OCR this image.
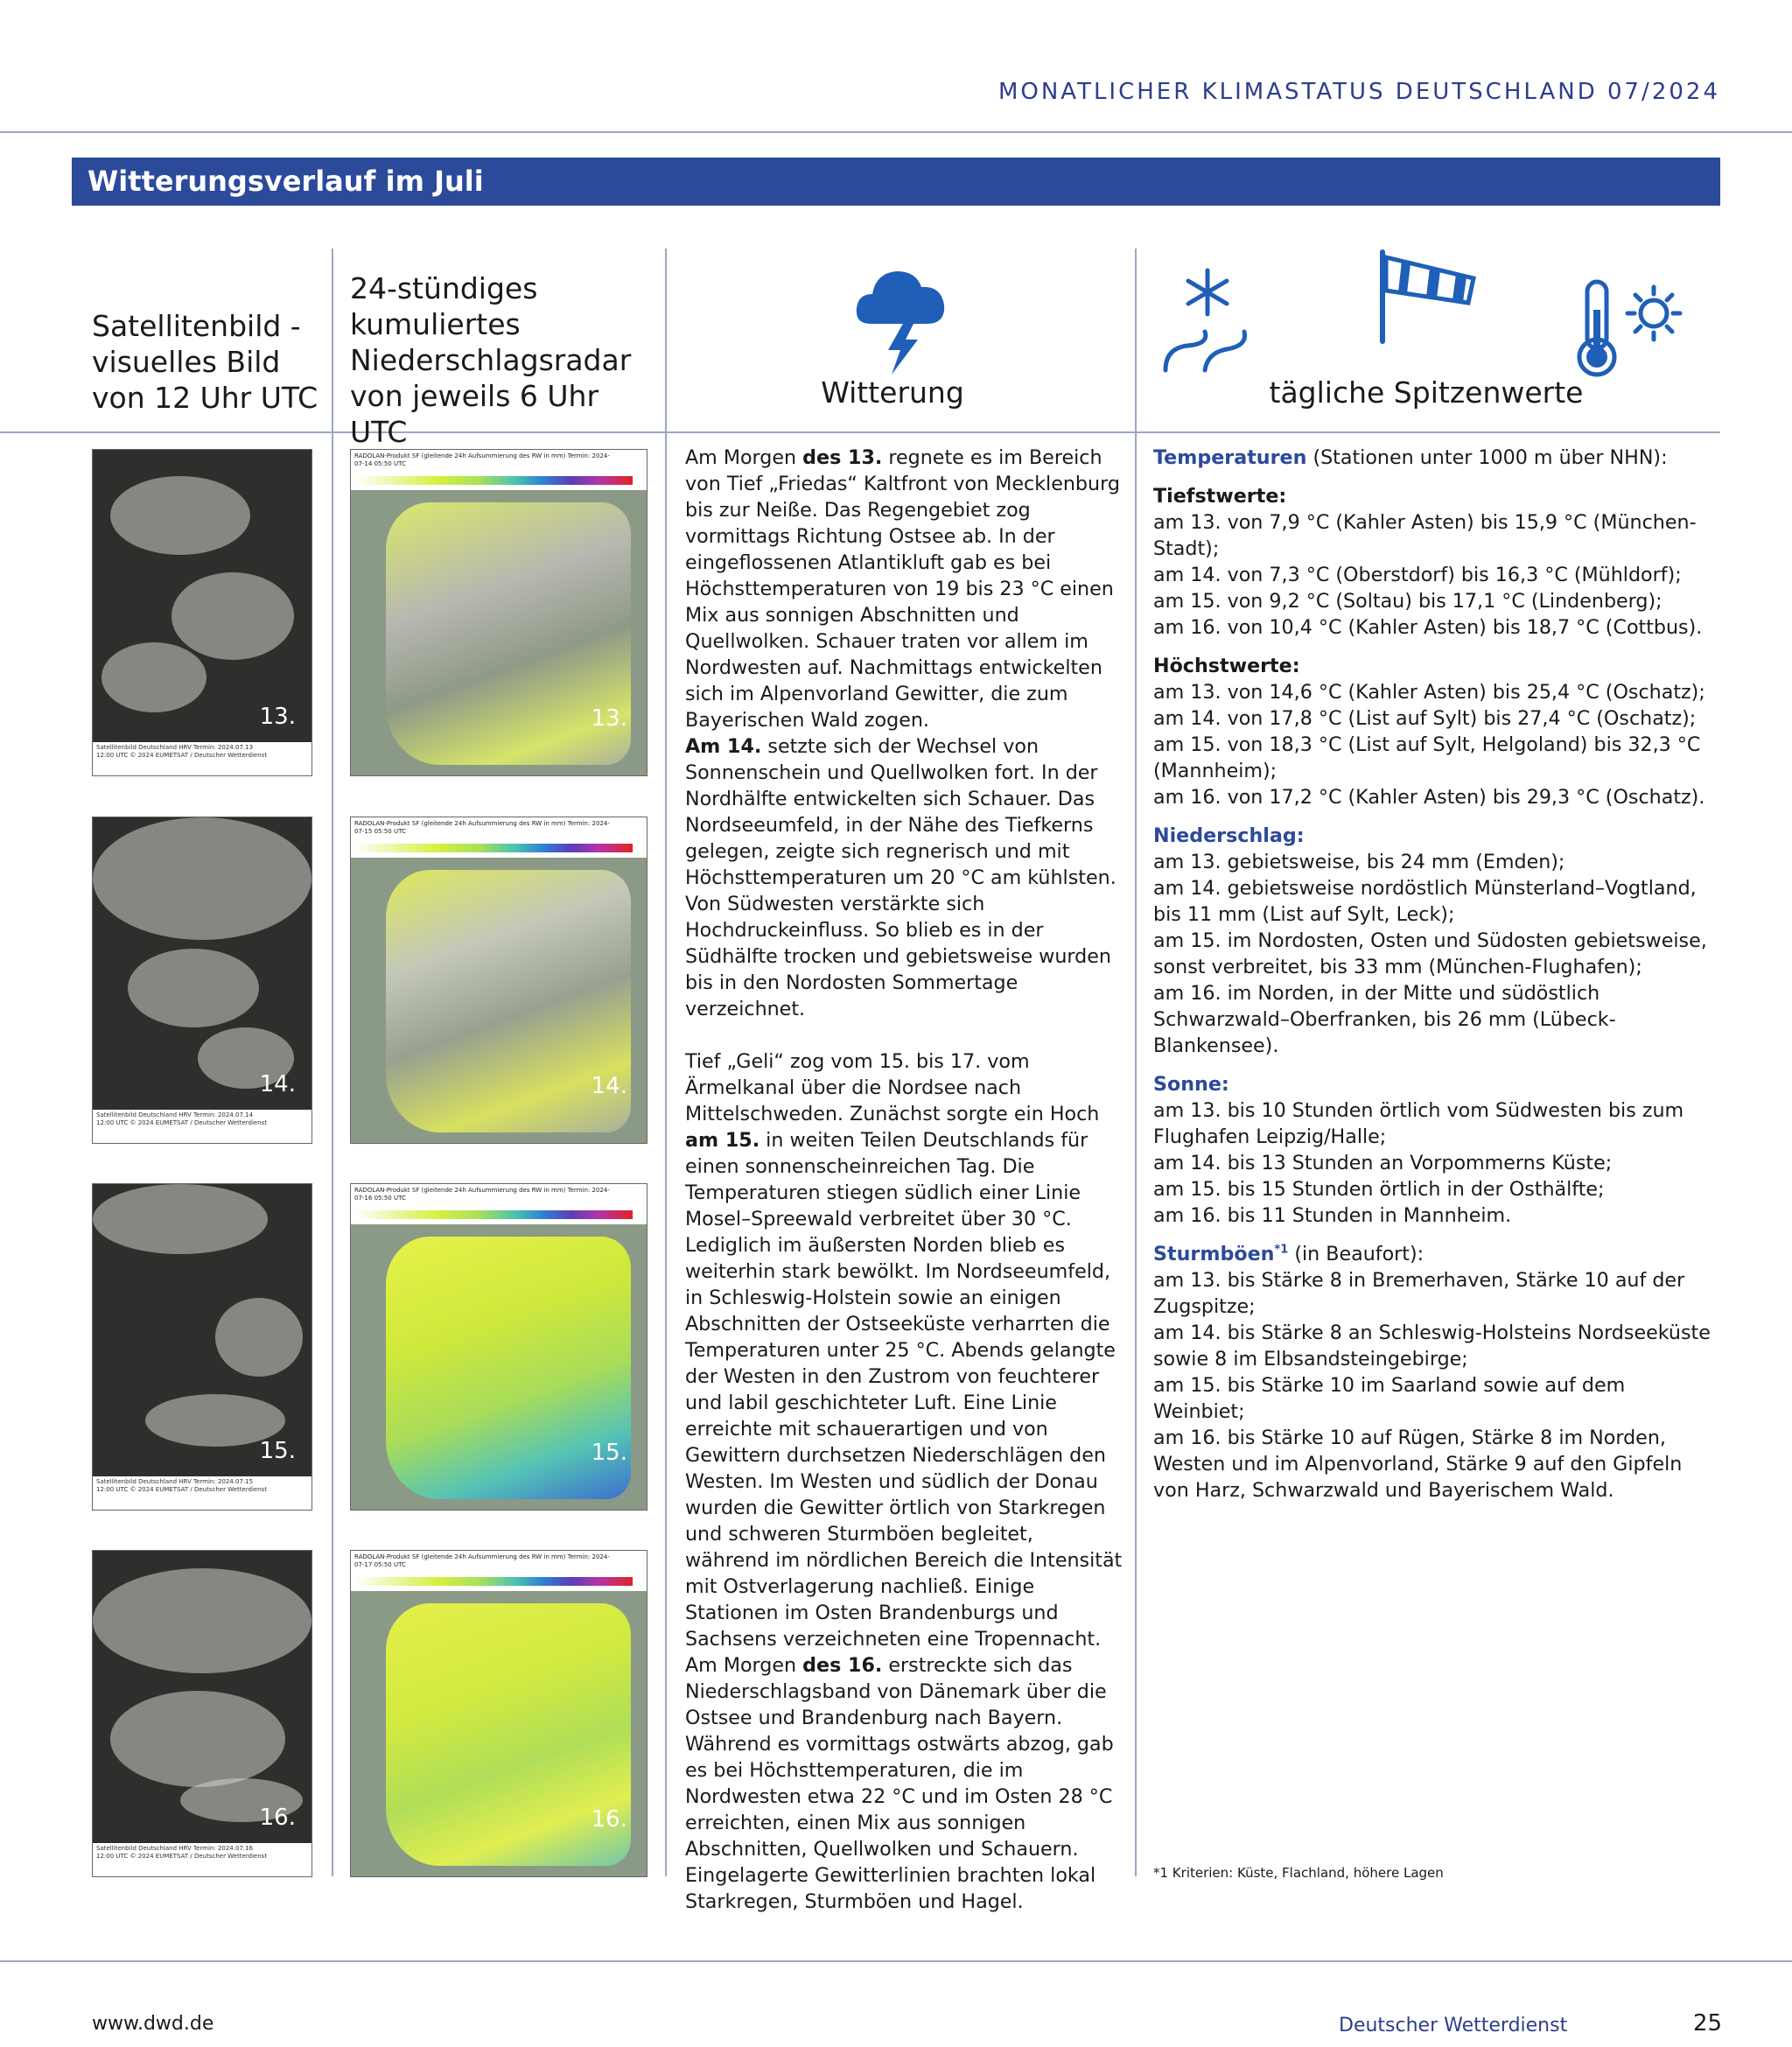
MONATLICHER KLIMASTATUS DEUTSCHLAND 07/2024
Witterungsverlauf im Juli
Satellitenbild - visuelles Bild von 12 Uhr UTC
24-stündiges kumuliertes Niederschlagsradar von jeweils 6 Uhr UTC
Witterung	tägliche Spitzenwerte
13.
Satellitenbild Deutschland HRV Termin: 2024.07.13 12:00 UTC © 2024 EUMETSAT / Deutscher Wetterdienst
14.
Satellitenbild Deutschland HRV Termin: 2024.07.14 12:00 UTC © 2024 EUMETSAT / Deutscher Wetterdienst
15.
Satellitenbild Deutschland HRV Termin: 2024.07.15 12:00 UTC © 2024 EUMETSAT / Deutscher Wetterdienst
16.
Satellitenbild Deutschland HRV Termin: 2024.07.16 12:00 UTC © 2024 EUMETSAT / Deutscher Wetterdienst
RADOLAN-Produkt SF (gleitende 24h Aufsummierung des RW in mm) Termin: 2024-07-14 05:50 UTC
13.
RADOLAN-Produkt SF (gleitende 24h Aufsummierung des RW in mm) Termin: 2024-07-15 05:50 UTC
14.
RADOLAN-Produkt SF (gleitende 24h Aufsummierung des RW in mm) Termin: 2024-07-16 05:50 UTC
15.
RADOLAN-Produkt SF (gleitende 24h Aufsummierung des RW in mm) Termin: 2024-07-17 05:50 UTC
16.

Am Morgen des 13. regnete es im Bereich von Tief „Friedas“ Kaltfront von Mecklenburg bis zur Neiße. Das Regengebiet zog vormittags Richtung Ostsee ab. In der eingeflossenen Atlantikluft gab es bei Höchsttemperaturen von 19 bis 23 °C einen Mix aus sonnigen Abschnitten und Quellwolken. Schauer traten vor allem im Nordwesten auf. Nachmittags entwickelten sich im Alpenvorland Gewitter, die zum Bayerischen Wald zogen.

Am 14. setzte sich der Wechsel von Sonnenschein und Quellwolken fort. In der Nordhälfte entwickelten sich Schauer. Das Nordseeumfeld, in der Nähe des Tiefkerns gelegen, zeigte sich regnerisch und mit Höchsttemperaturen um 20 °C am kühlsten. Von Südwesten verstärkte sich Hochdruckeinfluss. So blieb es in der Südhälfte trocken und gebietsweise wurden bis in den Nordosten Sommertage verzeichnet.

Tief „Geli“ zog vom 15. bis 17. vom Ärmelkanal über die Nordsee nach Mittelschweden. Zunächst sorgte ein Hoch am 15. in weiten Teilen Deutschlands für einen sonnenscheinreichen Tag. Die Temperaturen stiegen südlich einer Linie Mosel–Spreewald verbreitet über 30 °C. Lediglich im äußersten Norden blieb es weiterhin stark bewölkt. Im Nordseeumfeld, in Schleswig-Holstein sowie an einigen Abschnitten der Ostseeküste verharrten die Temperaturen unter 25 °C. Abends gelangte der Westen in den Zustrom von feuchterer und labil geschichteter Luft. Eine Linie erreichte mit schauerartigen und von Gewittern durchsetzen Niederschlägen den Westen. Im Westen und südlich der Donau wurden die Gewitter örtlich von Starkregen und schweren Sturmböen begleitet, während im nördlichen Bereich die Intensität mit Ostverlagerung nachließ. Einige Stationen im Osten Brandenburgs und Sachsens verzeichneten eine Tropennacht.

Am Morgen des 16. erstreckte sich das Niederschlagsband von Dänemark über die Ostsee und Brandenburg nach Bayern. Während es vormittags ostwärts abzog, gab es bei Höchsttemperaturen, die im Nordwesten etwa 22 °C und im Osten 28 °C erreichten, einen Mix aus sonnigen Abschnitten, Quellwolken und Schauern. Eingelagerte Gewitterlinien brachten lokal Starkregen, Sturmböen und Hagel.

Temperaturen (Stationen unter 1000 m über NHN):
Tiefstwerte:
am 13. von 7,9 °C (Kahler Asten) bis 15,9 °C (München-Stadt);
am 14. von 7,3 °C (Oberstdorf) bis 16,3 °C (Mühldorf);
am 15. von 9,2 °C (Soltau) bis 17,1 °C (Lindenberg);
am 16. von 10,4 °C (Kahler Asten) bis 18,7 °C (Cottbus).
Höchstwerte:
am 13. von 14,6 °C (Kahler Asten) bis 25,4 °C (Oschatz);
am 14. von 17,8 °C (List auf Sylt) bis 27,4 °C (Oschatz);
am 15. von 18,3 °C (List auf Sylt, Helgoland) bis 32,3 °C (Mannheim);
am 16. von 17,2 °C (Kahler Asten) bis 29,3 °C (Oschatz).
Niederschlag:
am 13. gebietsweise, bis 24 mm (Emden);
am 14. gebietsweise nordöstlich Münsterland–Vogtland, bis 11 mm (List auf Sylt, Leck);
am 15. im Nordosten, Osten und Südosten gebietsweise, sonst verbreitet, bis 33 mm (München-Flughafen);
am 16. im Norden, in der Mitte und südöstlich Schwarzwald–Oberfranken, bis 26 mm (Lübeck-Blankensee).
Sonne:
am 13. bis 10 Stunden örtlich vom Südwesten bis zum Flughafen Leipzig/Halle;
am 14. bis 13 Stunden an Vorpommerns Küste;
am 15. bis 15 Stunden örtlich in der Osthälfte;
am 16. bis 11 Stunden in Mannheim.
Sturmböen$^{*1}$ (in Beaufort):
am 13. bis Stärke 8 in Bremerhaven, Stärke 10 auf der Zugspitze;
am 14. bis Stärke 8 an Schleswig-Holsteins Nordseeküste sowie 8 im Elbsandsteingebirge;
am 15. bis Stärke 10 im Saarland sowie auf dem Weinbiet;
am 16. bis Stärke 10 auf Rügen, Stärke 8 im Norden, Westen und im Alpenvorland, Stärke 9 auf den Gipfeln von Harz, Schwarzwald und Bayerischem Wald.
*1 Kriterien: Küste, Flachland, höhere Lagen
www.dwd.de	Deutscher Wetterdienst	25
